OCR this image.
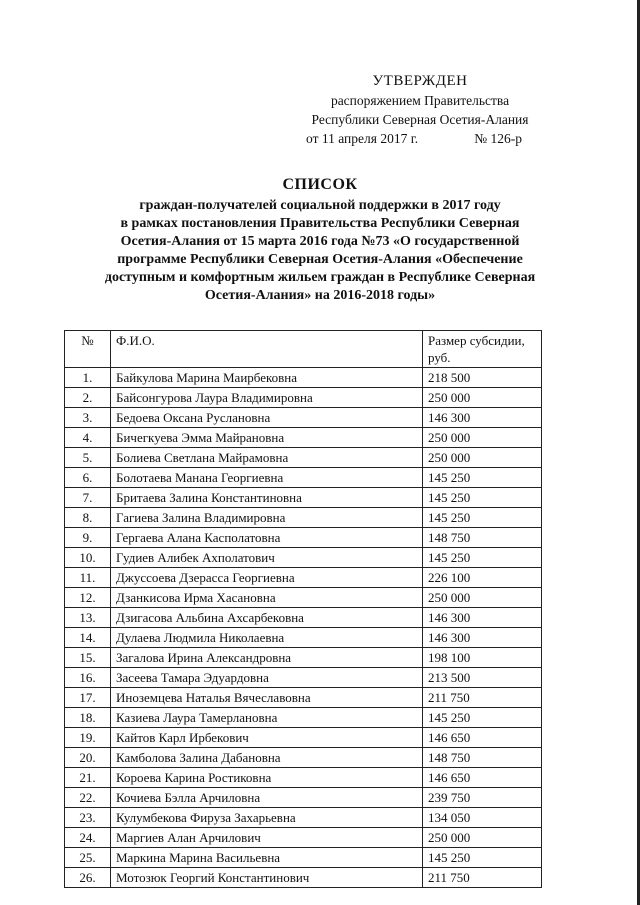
УТВЕРЖДЕН
распоряжением Правительства
Республики Северная Осетия-Алания
от 11 апреля 2017 г.	№ 126-р
СПИСОК
граждан-получателей социальной поддержки в 2017 году
в рамках постановления Правительства Республики Северная
Осетия-Алания от 15 марта 2016 года №73 «О государственной
программе Республики Северная Осетия-Алания «Обеспечение
доступным и комфортным жильем граждан в Республике Северная
Осетия-Алания» на 2016-2018 годы»
№	Ф.И.О.	Размер субсидии, руб.
1.	Байкулова Марина Маирбековна	218 500
2.	Байсонгурова Лаура Владимировна	250 000
3.	Бедоева Оксана Руслановна	146 300
4.	Бичегкуева Эмма Майрановна	250 000
5.	Болиева Светлана Майрамовна	250 000
6.	Болотаева Манана Георгиевна	145 250
7.	Бритаева Залина Константиновна	145 250
8.	Гагиева Залина Владимировна	145 250
9.	Гергаева Алана Касполатовна	148 750
10.	Гудиев Алибек Ахполатович	145 250
11.	Джуссоева Дзерасса Георгиевна	226 100
12.	Дзанкисова Ирма Хасановна	250 000
13.	Дзигасова Альбина Ахсарбековна	146 300
14.	Дулаева Людмила Николаевна	146 300
15.	Загалова Ирина Александровна	198 100
16.	Засеева Тамара Эдуардовна	213 500
17.	Иноземцева Наталья Вячеславовна	211 750
18.	Казиева Лаура Тамерлановна	145 250
19.	Кайтов Карл Ирбекович	146 650
20.	Камболова Залина Дабановна	148 750
21.	Короева Карина Ростиковна	146 650
22.	Кочиева Бэлла Арчиловна	239 750
23.	Кулумбекова Фируза Захарьевна	134 050
24.	Маргиев Алан Арчилович	250 000
25.	Маркина Марина Васильевна	145 250
26.	Мотозюк Георгий Константинович	211 750
